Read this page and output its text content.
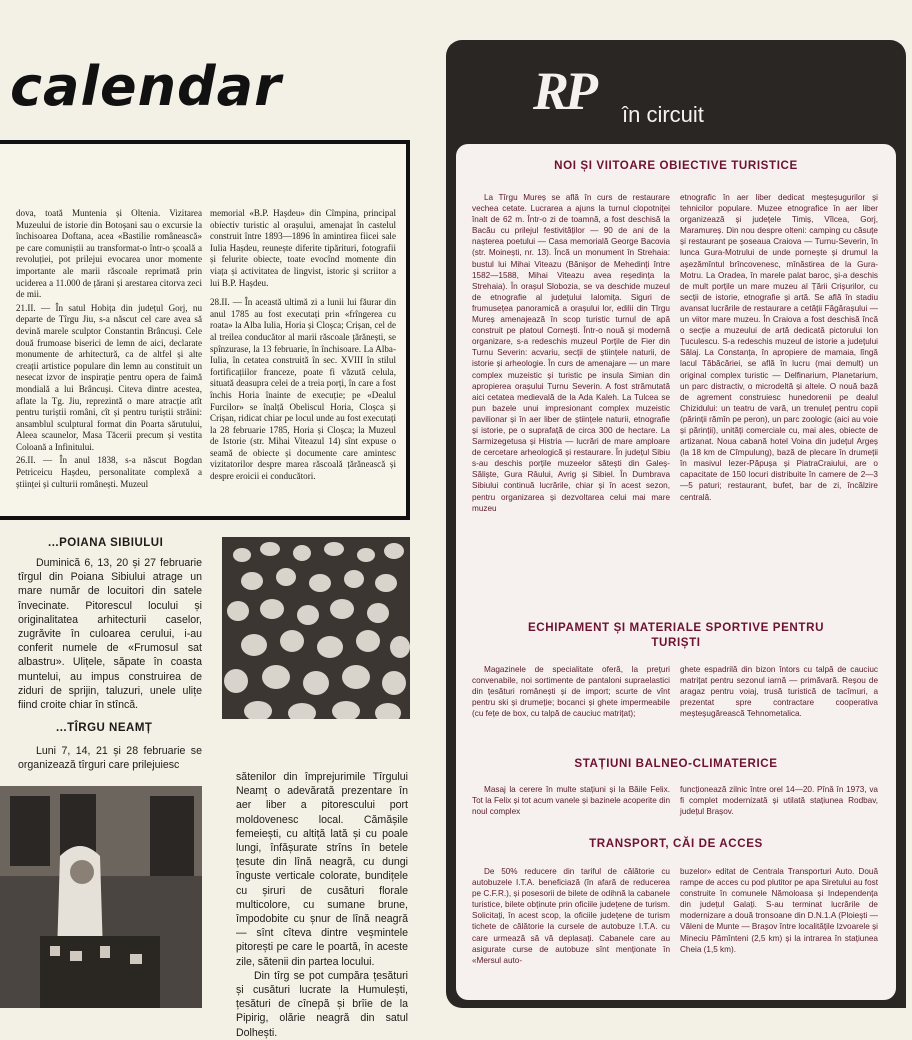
calendar

dova, toată Muntenia și Oltenia. Vizitarea Muzeului de istorie din Botoșani sau o excursie la închisoarea Doftana, acea «Bastilie românească» pe care comuniștii au transformat-o într-o școală a revoluției, pot prilejui evocarea unor momente importante ale marii răscoale reprimată prin uciderea a 11.000 de țărani și arestarea citorva zeci de mii.

21.II. — În satul Hobița din județul Gorj, nu departe de Tîrgu Jiu, s-a născut cel care avea să devină marele sculptor Constantin Brâncuși. Cele două frumoase biserici de lemn de aici, declarate monumente de arhitectură, ca de altfel și alte creații artistice populare din lemn au constituit un nesecat izvor de inspirație pentru opera de faimă mondială a lui Brâncuși. Citeva dintre acestea, aflate la Tg. Jiu, reprezintă o mare atracție atît pentru turiștii români, cît și pentru turiștii străini: ansamblul sculptural format din Poarta sărutului, Aleea scaunelor, Masa Tăcerii precum și vestita Coloană a Infinitului.

26.II. — În anul 1838, s-a născut Bogdan Petriceicu Hașdeu, personalitate complexă a științei și culturii românești. Muzeul

memorial «B.P. Hașdeu» din Cîmpina, principal obiectiv turistic al orașului, amenajat în castelul construit între 1893—1896 în amintirea fiicei sale Iulia Hașdeu, reunește diferite tipărituri, fotografii și felurite obiecte, toate evocînd momente din viața și activitatea de lingvist, istoric și scriitor a lui B.P. Hașdeu.

28.II. — În această ultimă zi a lunii lui făurar din anul 1785 au fost executați prin «frîngerea cu roata» la Alba Iulia, Horia și Cloșca; Crișan, cel de al treilea conducător al marii răscoale țărănești, se spînzurase, la 13 februarie, în închisoare. La Alba-Iulia, în cetatea construită în sec. XVIII în stilul fortificațiilor franceze, poate fi văzută celula, situată deasupra celei de a treia porți, în care a fost închis Horia înainte de execuție; pe «Dealul Furcilor» se înalță Obeliscul Horia, Cloșca și Crișan, ridicat chiar pe locul unde au fost executați la 28 februarie 1785, Horia și Cloșca; la Muzeul de Istorie (str. Mihai Viteazul 14) sînt expuse o seamă de obiecte și documente care amintesc vizitatorilor despre marea răscoală țărănească și despre eroicii ei conducători.

...POIANA SIBIULUI

Duminică 6, 13, 20 și 27 februarie tîrgul din Poiana Sibiului atrage un mare număr de locuitori din satele învecinate. Pitorescul locului și originalitatea arhitecturii caselor, zugrăvite în culoarea cerului, i-au conferit numele de «Frumosul sat albastru». Ulițele, săpate în coasta muntelui, au impus construirea de ziduri de sprijin, taluzuri, unele ulițe fiind croite chiar în stîncă.

...TÎRGU NEAMȚ

Luni 7, 14, 21 și 28 februarie se organizează tîrguri care prilejuiesc

sătenilor din împrejurimile Tîrgului Neamț o adevărată prezentare în aer liber a pitorescului port moldovenesc local. Cămășile femeiești, cu altiță lată și cu poale lungi, înfășurate strîns în betele țesute din lînă neagră, cu dungi înguste verticale colorate, bundițele cu șiruri de cusături florale multicolore, cu sumane brune, împodobite cu șnur de lînă neagră — sînt cîteva dintre veșmintele pitorești pe care le poartă, în aceste zile, sătenii din partea locului.

Din tîrg se pot cumpăra țesături și cusături lucrate la Humulești, țesături de cînepă și brîie de la Pipirig, olărie neagră din satul Dolhești.

RP în circuit
NOI ȘI VIITOARE OBIECTIVE TURISTICE

La Tîrgu Mureș se află în curs de restaurare vechea cetate. Lucrarea a ajuns la turnul clopotniței înalt de 62 m. Într-o zi de toamnă, a fost deschisă la Bacău cu prilejul festivităților — 90 de ani de la nașterea poetului — Casa memorială George Bacovia (str. Moinești, nr. 13). Încă un monument în Strehaia: bustul lui Mihai Viteazu (Bănișor de Mehedinți între 1582—1588, Mihai Viteazu avea reședința la Strehaia). În orașul Slobozia, se va deschide muzeul de etnografie al județului Ialomița. Siguri de frumusețea panoramică a orașului lor, edilii din Tîrgu Mureș amenajează în scop turistic turnul de apă construit pe platoul Corneşti. Într-o nouă și modernă organizare, s-a redeschis muzeul Porțile de Fier din Turnu Severin: acvariu, secții de științele naturii, de istorie și arheologie. În curs de amenajare — un mare complex muzeistic și turistic pe insula Simian din apropierea orașului Turnu Severin. A fost strămutată aici cetatea medievală de la Ada Kaleh. La Tulcea se pun bazele unui impresionant complex muzeistic pavilionar și în aer liber de științele naturii, etnografie și istorie, pe o suprafață de circa 300 de hectare. La Sarmizegetusa și Histria — lucrări de mare amploare de cercetare arheologică și restaurare. În județul Sibiu s-au deschis porțile muzeelor sătești din Galeș-Săliște, Gura Râului, Avrig și Sibiel. În Dumbrava Sibiului continuă lucrările, chiar și în acest sezon, pentru organizarea și dezvoltarea celui mai mare muzeu

etnografic în aer liber dedicat meșteșugurilor și tehnicilor populare. Muzee etnografice în aer liber organizează și județele Timiș, Vîlcea, Gorj, Maramureș. Din nou despre olteni: camping cu căsuțe și restaurant pe șoseaua Craiova — Turnu-Severin, în lunca Gura-Motrului de unde pornește și drumul la așezămîntul brîncovenesc, mînăstirea de la Gura-Motru. La Oradea, în marele palat baroc, și-a deschis de mult porțile un mare muzeu al Țării Crișurilor, cu secții de istorie, etnografie și artă. Se află în stadiu avansat lucrările de restaurare a cetății Făgărașului — un viitor mare muzeu. În Craiova a fost deschisă încă o secție a muzeului de artă dedicată pictorului Ion Țuculescu. S-a redeschis muzeul de istorie a județului Sălaj. La Constanța, în apropiere de mamaia, lîngă lacul Tăbăcăriei, se află în lucru (mai demult) un original complex turistic — Delfinarium, Planetarium, un parc distractiv, o microdeltă și altele. O nouă bază de agrement construiesc hunedorenii pe dealul Chizidului: un teatru de vară, un trenuleț pentru copii (părinții rămîn pe peron), un parc zoologic (aici au voie și părinții), unități comerciale cu, mai ales, obiecte de artizanat. Noua cabană hotel Voina din județul Argeș (la 18 km de Cîmpulung), bază de plecare în drumeții în masivul Iezer-Păpușa și PiatraCraiului, are o capacitate de 150 locuri distribuite în camere de 2—3—5 paturi; restaurant, bufet, bar de zi, încălzire centrală.

ECHIPAMENT ȘI MATERIALE SPORTIVE PENTRU TURIȘTI

Magazinele de specialitate oferă, la prețuri convenabile, noi sortimente de pantaloni supraelastici din țesături românești și de import; scurte de vînt pentru ski și drumeție; bocanci și ghete impermeabile (cu fețe de box, cu talpă de cauciuc matrițat);

ghete espadrilă din bizon întors cu talpă de cauciuc matrițat pentru sezonul iarnă — primăvară. Reșou de aragaz pentru voiaj, trusă turistică de tacîmuri, a prezentat spre contractare cooperativa meșteșugărească Tehnometalica.

STAȚIUNI BALNEO-CLIMATERICE

Masaj la cerere în multe stațiuni și la Băile Felix. Tot la Felix și tot acum vanele și bazinele acoperite din noul complex

funcționează zilnic între orel 14—20. Pînă în 1973, va fi complet modernizată și utilată stațiunea Rodbav, județul Brașov.

TRANSPORT, CĂI DE ACCES

De 50% reducere din tariful de călătorie cu autobuzele I.T.A. beneficiază (în afară de reducerea pe C.F.R.), și posesorii de bilete de odihnă la cabanele turistice, bilete obținute prin oficiile județene de turism. Solicitați, în acest scop, la oficiile județene de turism tichete de călătorie la cursele de autobuze I.T.A. cu care urmează să vă deplasați. Cabanele care au asigurate curse de autobuze sînt menționate în «Mersul auto-

buzelor» editat de Centrala Transporturi Auto. Două rampe de acces cu pod plutitor pe apa Siretului au fost construite în comunele Nămoloasa și Independența din județul Galați. S-au terminat lucrările de modernizare a două tronsoane din D.N.1.A (Ploiești — Văleni de Munte — Brașov între localitățile Izvoarele și Mineciu Pămînteni (2,5 km) și la intrarea în stațiunea Cheia (1,5 km).
